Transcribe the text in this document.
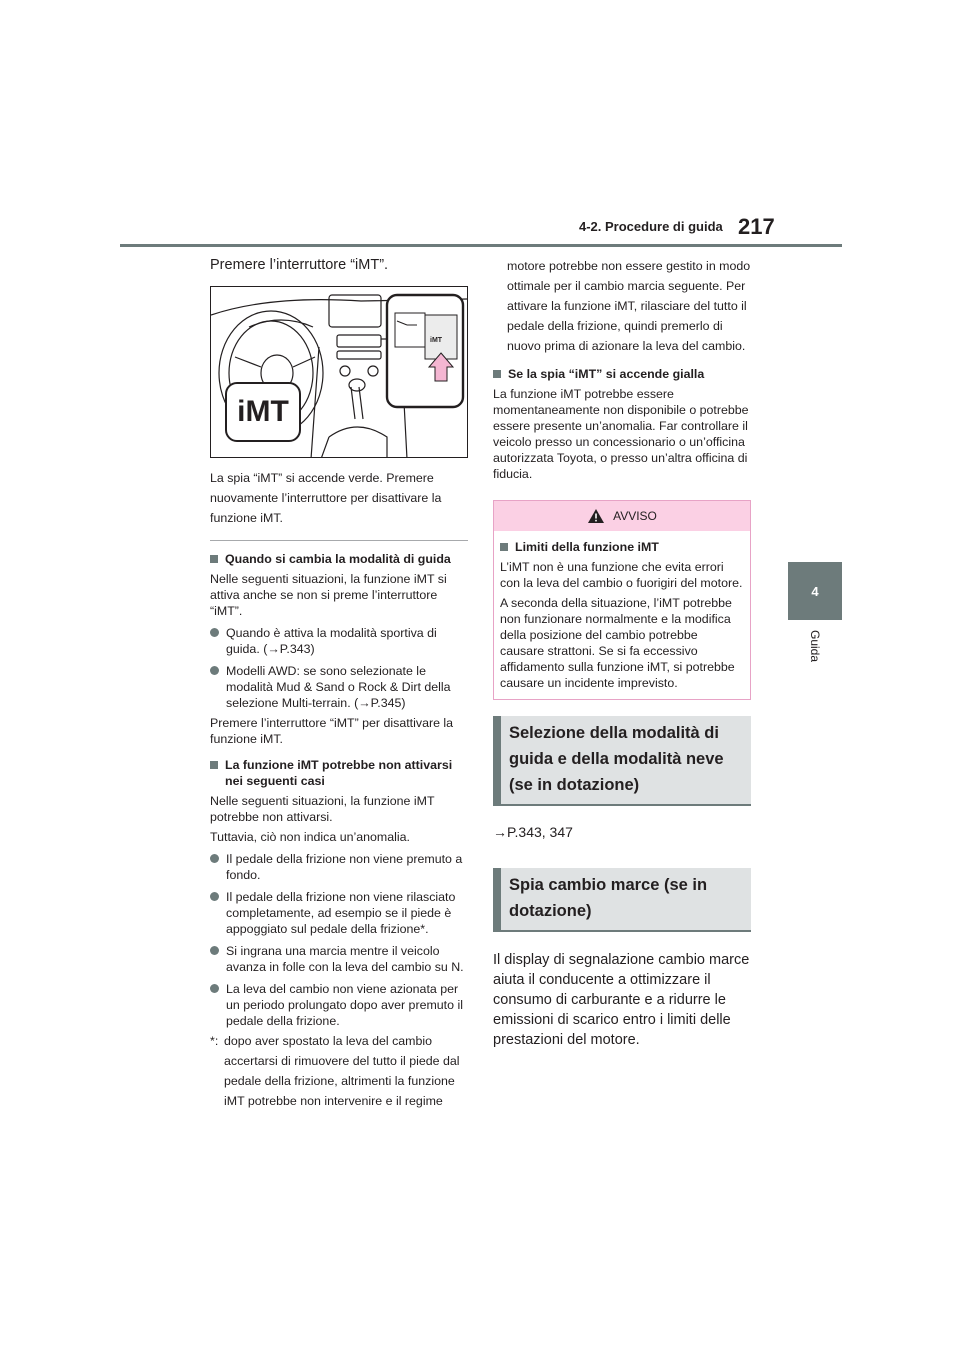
4-2. Procedure di guida 217
4
Guida
Premere l’interruttore “iMT”.
iMT
iMT

La spia “iMT” si accende verde. Premere nuovamente l’interruttore per disattivare la funzione iMT.

Quando si cambia la modalità di guida

Nelle seguenti situazioni, la funzione iMT si attiva anche se non si preme l’interruttore “iMT”.

Quando è attiva la modalità sportiva di guida. (→P.343)
Modelli AWD: se sono selezionate le modalità Mud & Sand o Rock & Dirt della selezione Multi-terrain. (→P.345)

Premere l’interruttore “iMT” per disattivare la funzione iMT.

La funzione iMT potrebbe non attivarsi nei seguenti casi

Nelle seguenti situazioni, la funzione iMT potrebbe non attivarsi.

Tuttavia, ciò non indica un’anomalia.

Il pedale della frizione non viene premuto a fondo.
Il pedale della frizione non viene rilasciato completamente, ad esempio se il piede è appoggiato sul pedale della frizione*.
Si ingrana una marcia mentre il veicolo avanza in folle con la leva del cambio su N.
La leva del cambio non viene azionata per un periodo prolungato dopo aver premuto il pedale della frizione.
*: dopo aver spostato la leva del cambio accertarsi di rimuovere del tutto il piede dal pedale della frizione, altrimenti la funzione iMT potrebbe non intervenire e il regime

motore potrebbe non essere gestito in modo ottimale per il cambio marcia seguente. Per attivare la funzione iMT, rilasciare del tutto il pedale della frizione, quindi premerlo di nuovo prima di azionare la leva del cambio.

Se la spia “iMT” si accende gialla

La funzione iMT potrebbe essere momentaneamente non disponibile o potrebbe essere presente un’anomalia. Far controllare il veicolo presso un concessionario o un’officina autorizzata Toyota, o presso un’altra officina di fiducia.

AVVISO
Limiti della funzione iMT

L’iMT non è una funzione che evita errori con la leva del cambio o fuorigiri del motore.

A seconda della situazione, l’iMT potrebbe non funzionare normalmente e la modifica della posizione del cambio potrebbe causare strattoni. Se si fa eccessivo affidamento sulla funzione iMT, si potrebbe causare un incidente imprevisto.

Selezione della modalità di guida e della modalità neve (se in dotazione)
→P.343, 347
Spia cambio marce (se in dotazione)
Il display di segnalazione cambio marce aiuta il conducente a ottimizzare il consumo di carburante e a ridurre le emissioni di scarico entro i limiti delle prestazioni del motore.
